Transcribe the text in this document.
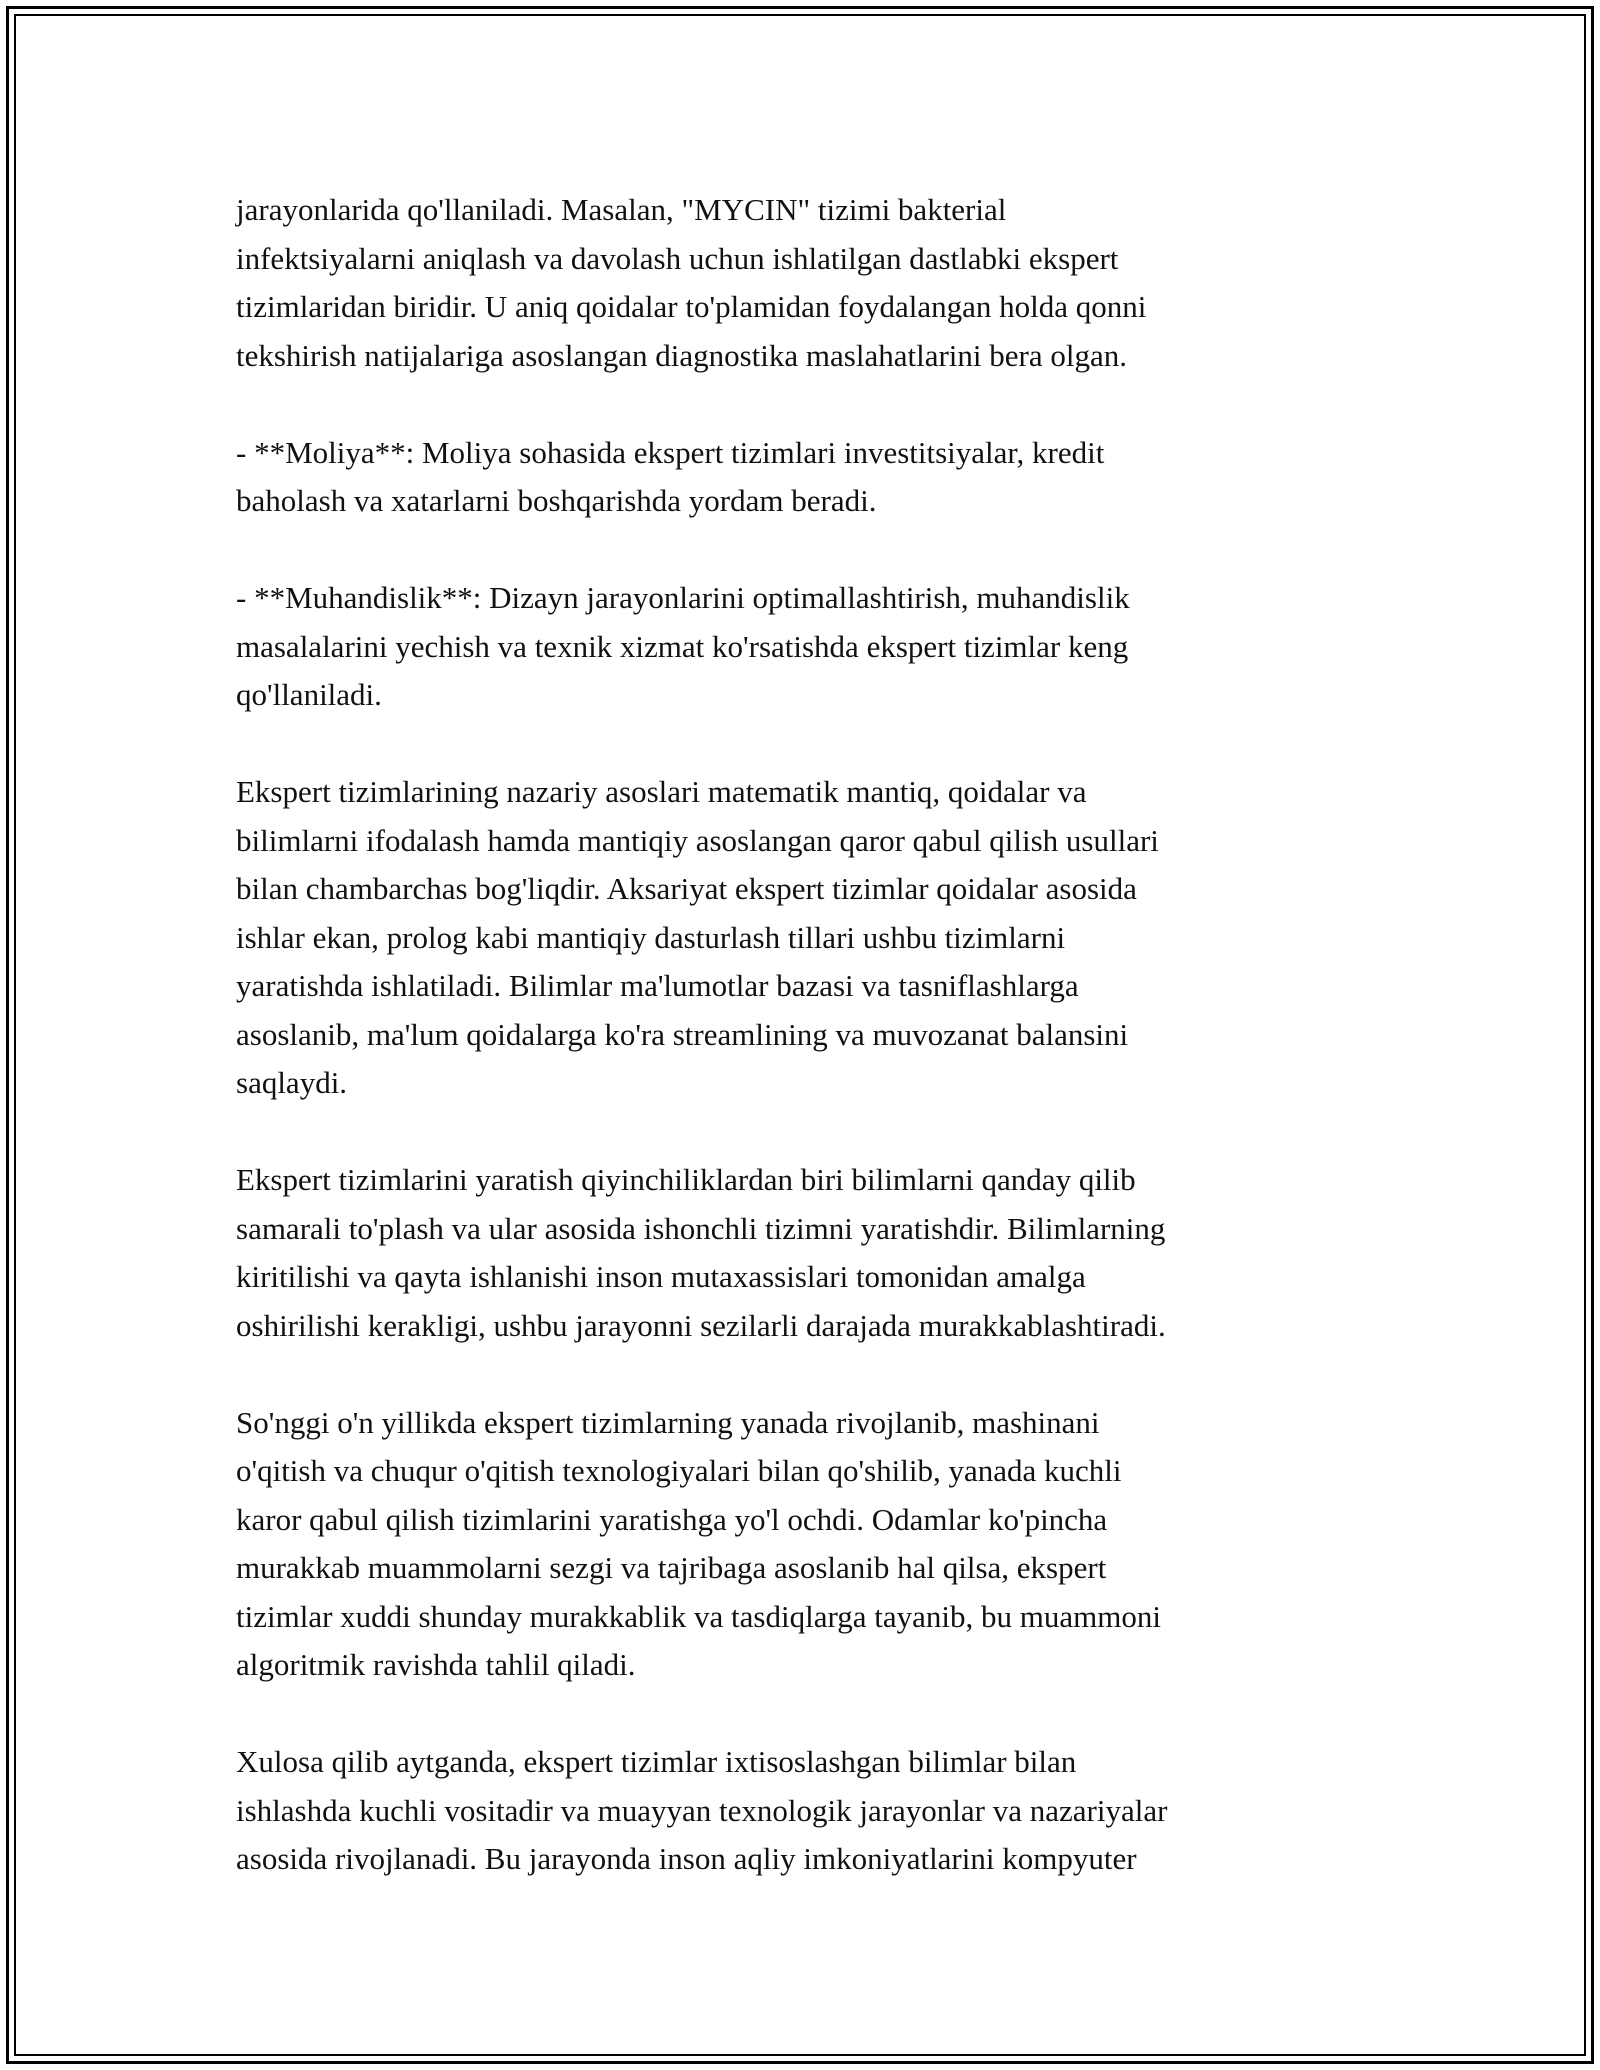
jarayonlarida qo'llaniladi. Masalan, "MYCIN" tizimi bakterial
infektsiyalarni aniqlash va davolash uchun ishlatilgan dastlabki ekspert
tizimlaridan biridir. U aniq qoidalar to'plamidan foydalangan holda qonni
tekshirish natijalariga asoslangan diagnostika maslahatlarini bera olgan.

- **Moliya**: Moliya sohasida ekspert tizimlari investitsiyalar, kredit
baholash va xatarlarni boshqarishda yordam beradi.

- **Muhandislik**: Dizayn jarayonlarini optimallashtirish, muhandislik
masalalarini yechish va texnik xizmat ko'rsatishda ekspert tizimlar keng
qo'llaniladi.

Ekspert tizimlarining nazariy asoslari matematik mantiq, qoidalar va
bilimlarni ifodalash hamda mantiqiy asoslangan qaror qabul qilish usullari
bilan chambarchas bog'liqdir. Aksariyat ekspert tizimlar qoidalar asosida
ishlar ekan, prolog kabi mantiqiy dasturlash tillari ushbu tizimlarni
yaratishda ishlatiladi. Bilimlar ma'lumotlar bazasi va tasniflashlarga
asoslanib, ma'lum qoidalarga ko'ra streamlining va muvozanat balansini
saqlaydi.

Ekspert tizimlarini yaratish qiyinchiliklardan biri bilimlarni qanday qilib
samarali to'plash va ular asosida ishonchli tizimni yaratishdir. Bilimlarning
kiritilishi va qayta ishlanishi inson mutaxassislari tomonidan amalga
oshirilishi kerakligi, ushbu jarayonni sezilarli darajada murakkablashtiradi.

So'nggi o'n yillikda ekspert tizimlarning yanada rivojlanib, mashinani
o'qitish va chuqur o'qitish texnologiyalari bilan qo'shilib, yanada kuchli
karor qabul qilish tizimlarini yaratishga yo'l ochdi. Odamlar ko'pincha
murakkab muammolarni sezgi va tajribaga asoslanib hal qilsa, ekspert
tizimlar xuddi shunday murakkablik va tasdiqlarga tayanib, bu muammoni
algoritmik ravishda tahlil qiladi.

Xulosa qilib aytganda, ekspert tizimlar ixtisoslashgan bilimlar bilan
ishlashda kuchli vositadir va muayyan texnologik jarayonlar va nazariyalar
asosida rivojlanadi. Bu jarayonda inson aqliy imkoniyatlarini kompyuter
